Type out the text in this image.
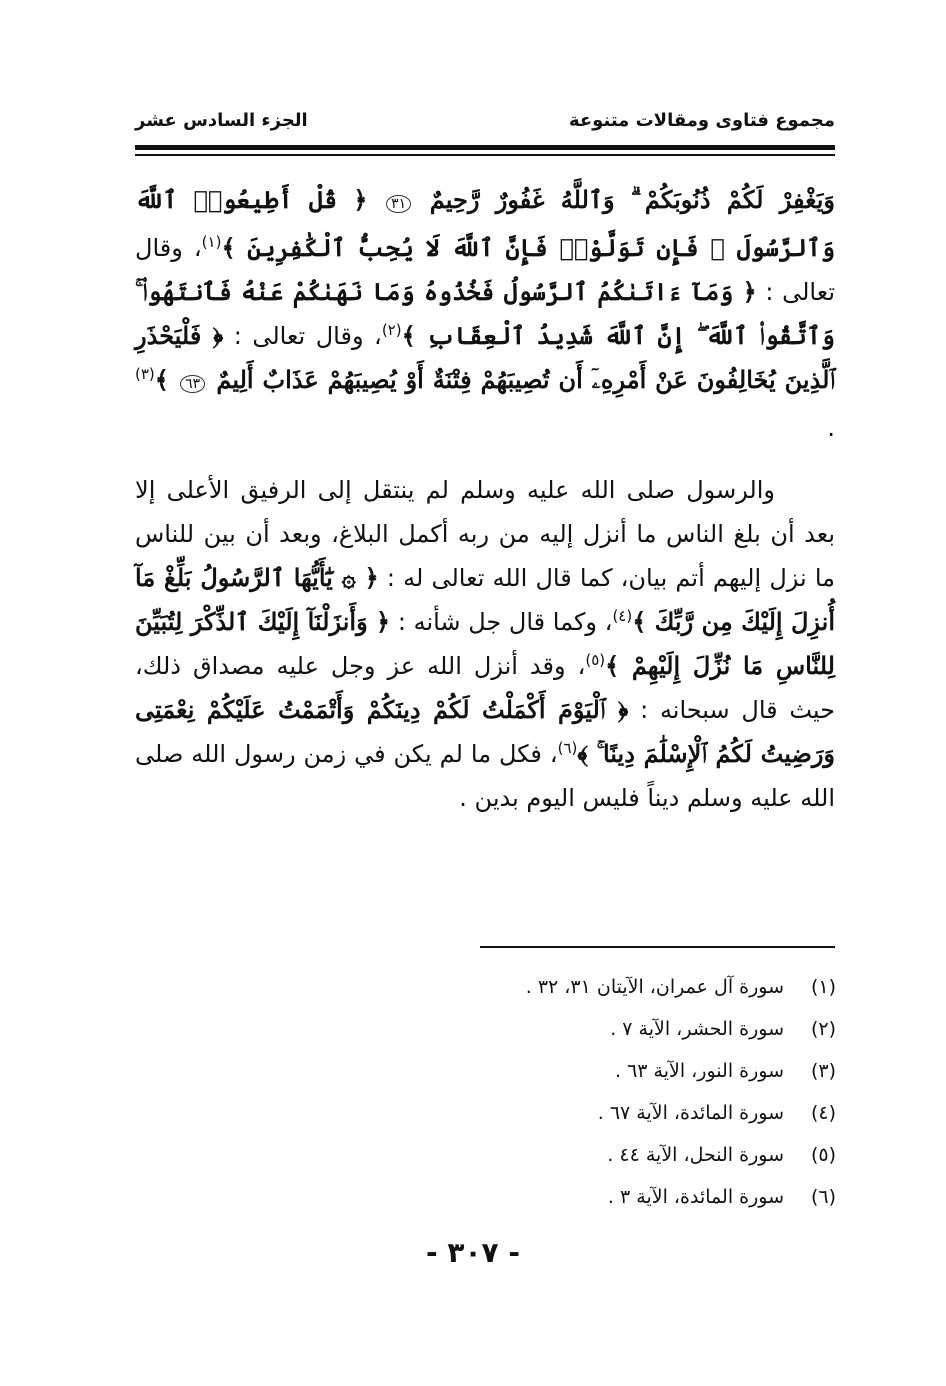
مجموع فتاوى ومقالات متنوعة
الجزء السادس عشر

وَيَغْفِرْ لَكُمْ ذُنُوبَكُمْ ۗ وَٱللَّهُ غَفُورٌ رَّحِيمٌ ٣١ ﴿ قُلْ أَطِيعُوا۟ ٱللَّهَ وَٱلرَّسُولَ ۖ فَإِن تَوَلَّوْا۟ فَإِنَّ ٱللَّهَ لَا يُحِبُّ ٱلْكَٰفِرِينَ ﴾$^{(١)}$، وقال تعالى : ﴿ وَمَآ ءَاتَىٰكُمُ ٱلرَّسُولُ فَخُذُوهُ وَمَا نَهَىٰكُمْ عَنْهُ فَٱنتَهُوا۟ ۚ وَٱتَّقُوا۟ ٱللَّهَ ۖ إِنَّ ٱللَّهَ شَدِيدُ ٱلْعِقَابِ ﴾$^{(٢)}$، وقال تعالى : ﴿ فَلْيَحْذَرِ ٱلَّذِينَ يُخَالِفُونَ عَنْ أَمْرِهِۦٓ أَن تُصِيبَهُمْ فِتْنَةٌ أَوْ يُصِيبَهُمْ عَذَابٌ أَلِيمٌ ٦٣ ﴾$^{(٣)}$ .

والرسول صلى الله عليه وسلم لم ينتقل إلى الرفيق الأعلى إلا بعد أن بلغ الناس ما أنزل إليه من ربه أكمل البلاغ، وبعد أن بين للناس ما نزل إليهم أتم بيان، كما قال الله تعالى له : ﴿ ۞ يَٰٓأَيُّهَا ٱلرَّسُولُ بَلِّغْ مَآ أُنزِلَ إِلَيْكَ مِن رَّبِّكَ ﴾$^{(٤)}$، وكما قال جل شأنه : ﴿ وَأَنزَلْنَآ إِلَيْكَ ٱلذِّكْرَ لِتُبَيِّنَ لِلنَّاسِ مَا نُزِّلَ إِلَيْهِمْ ﴾$^{(٥)}$، وقد أنزل الله عز وجل عليه مصداق ذلك، حيث قال سبحانه : ﴿ ٱلْيَوْمَ أَكْمَلْتُ لَكُمْ دِينَكُمْ وَأَتْمَمْتُ عَلَيْكُمْ نِعْمَتِى وَرَضِيتُ لَكُمُ ٱلْإِسْلَٰمَ دِينًا ۚ ﴾$^{(٦)}$، فكل ما لم يكن في زمن رسول الله صلى الله عليه وسلم ديناً فليس اليوم بدين .

(١)
سورة آل عمران، الآيتان ٣١، ٣٢ .
(٢)
سورة الحشر، الآية ٧ .
(٣)
سورة النور، الآية ٦٣ .
(٤)
سورة المائدة، الآية ٦٧ .
(٥)
سورة النحل، الآية ٤٤ .
(٦)
سورة المائدة، الآية ٣ .
- ٣٠٧ -
